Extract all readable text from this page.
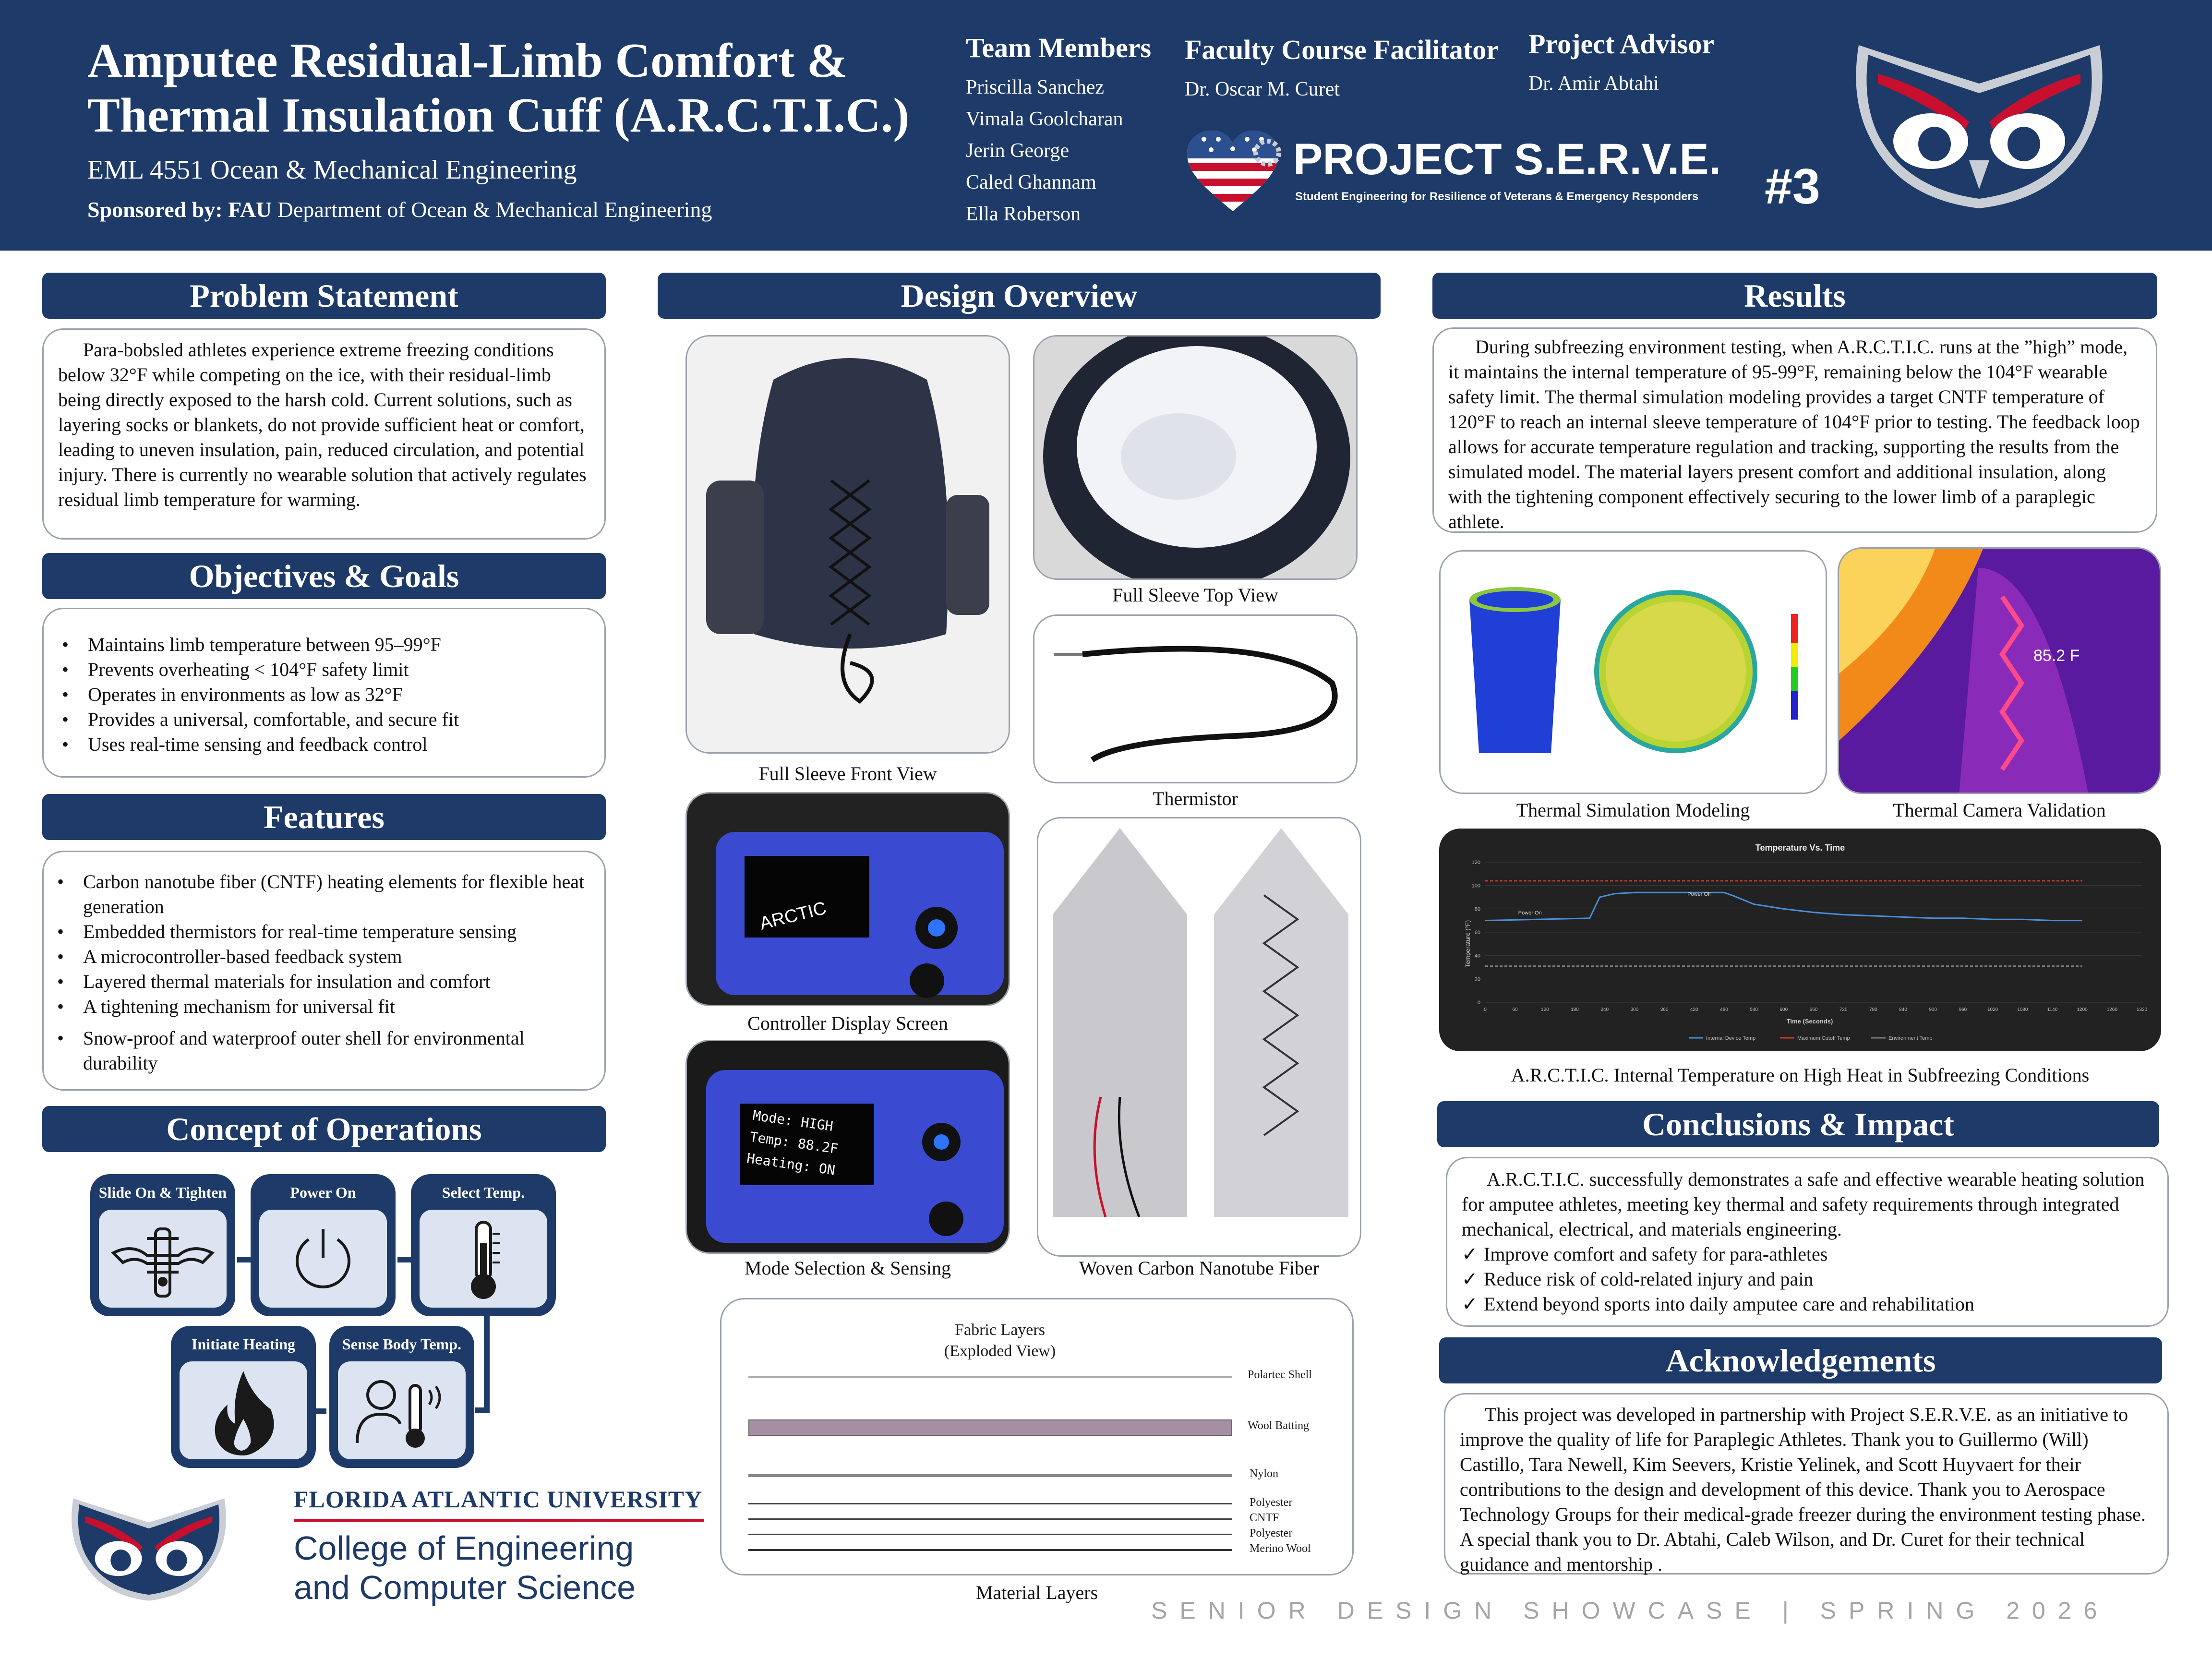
Amputee Residual-Limb Comfort &
Thermal Insulation Cuff (A.R.C.T.I.C.)
EML 4551 Ocean & Mechanical Engineering
Sponsored by: FAU Department of Ocean & Mechanical Engineering
Team Members
Priscilla Sanchez
Vimala Goolcharan
Jerin George
Caled Ghannam
Ella Roberson
Faculty Course Facilitator
Dr. Oscar M. Curet
Project Advisor
Dr. Amir Abtahi
PROJECT S.E.R.V.E.
Student Engineering for Resilience of Veterans & Emergency Responders #3
Problem Statement
Para-bobsled athletes experience extreme freezing conditions below 32°F while competing on the ice, with their residual-limb being directly exposed to the harsh cold. Current solutions, such as layering socks or blankets, do not provide sufficient heat or comfort, leading to uneven insulation, pain, reduced circulation, and potential injury. There is currently no wearable solution that actively regulates residual limb temperature for warming.
Objectives & Goals
• Maintains limb temperature between 95–99°F
• Prevents overheating < 104°F safety limit
• Operates in environments as low as 32°F
• Provides a universal, comfortable, and secure fit
• Uses real-time sensing and feedback control
Features
• Carbon nanotube fiber (CNTF) heating elements for flexible heat generation
• Embedded thermistors for real-time temperature sensing
• A microcontroller-based feedback system
• Layered thermal materials for insulation and comfort
• A tightening mechanism for universal fit
• Snow-proof and waterproof outer shell for environmental durability
Concept of Operations
Slide On & Tighten	Power On	Select Temp.
Sense Body Temp.
Initiate Heating
FLORIDA ATLANTIC UNIVERSITY
College of Engineering
and Computer Science
Design Overview
Full Sleeve Front View
Full Sleeve Top View
Thermistor
ARCTIC
Controller Display Screen
Mode: HIGH
Temp: 88.2F
Heating: ON
Mode Selection & Sensing	Woven Carbon Nanotube Fiber
Fabric Layers
(Exploded View)
Polartec Shell
Wool Batting
Nylon
Polyester
CNTF
Polyester
Merino Wool
Material Layers
Results
During subfreezing environment testing, when A.R.C.T.I.C. runs at the ”high” mode, it maintains the internal temperature of 95-99°F, remaining below the 104°F wearable safety limit. The thermal simulation modeling provides a target CNTF temperature of 120°F to reach an internal sleeve temperature of 104°F prior to testing. The feedback loop allows for accurate temperature regulation and tracking, supporting the results from the simulated model. The material layers present comfort and additional insulation, along with the tightening component effectively securing to the lower limb of a paraplegic athlete.
Thermal Simulation Modeling
85.2 F
Thermal Camera Validation
Temperature Vs. Time
Temperature (°F)
Time (Seconds)
0
20
40
60
80
100
120
0	60	120	180	240	300	360	420	480	540	600	660	720	780	840	900	960	1020	1080	1140	1200	1260	1320
Power On
Power Off
Internal Device Temp	Maximum Cutoff Temp	Environment Temp
A.R.C.T.I.C. Internal Temperature on High Heat in Subfreezing Conditions
Conclusions & Impact
A.R.C.T.I.C. successfully demonstrates a safe and effective wearable heating solution for amputee athletes, meeting key thermal and safety requirements through integrated mechanical, electrical, and materials engineering.
✓ Improve comfort and safety for para-athletes
✓ Reduce risk of cold-related injury and pain
✓ Extend beyond sports into daily amputee care and rehabilitation
Acknowledgements
This project was developed in partnership with Project S.E.R.V.E. as an initiative to improve the quality of life for Paraplegic Athletes. Thank you to Guillermo (Will) Castillo, Tara Newell, Kim Seevers, Kristie Yelinek, and Scott Huyvaert for their contributions to the design and development of this device. Thank you to Aerospace Technology Groups for their medical-grade freezer during the environment testing phase. A special thank you to Dr. Abtahi, Caleb Wilson, and Dr. Curet for their technical guidance and mentorship .
SENIOR DESIGN SHOWCASE | SPRING 2026
